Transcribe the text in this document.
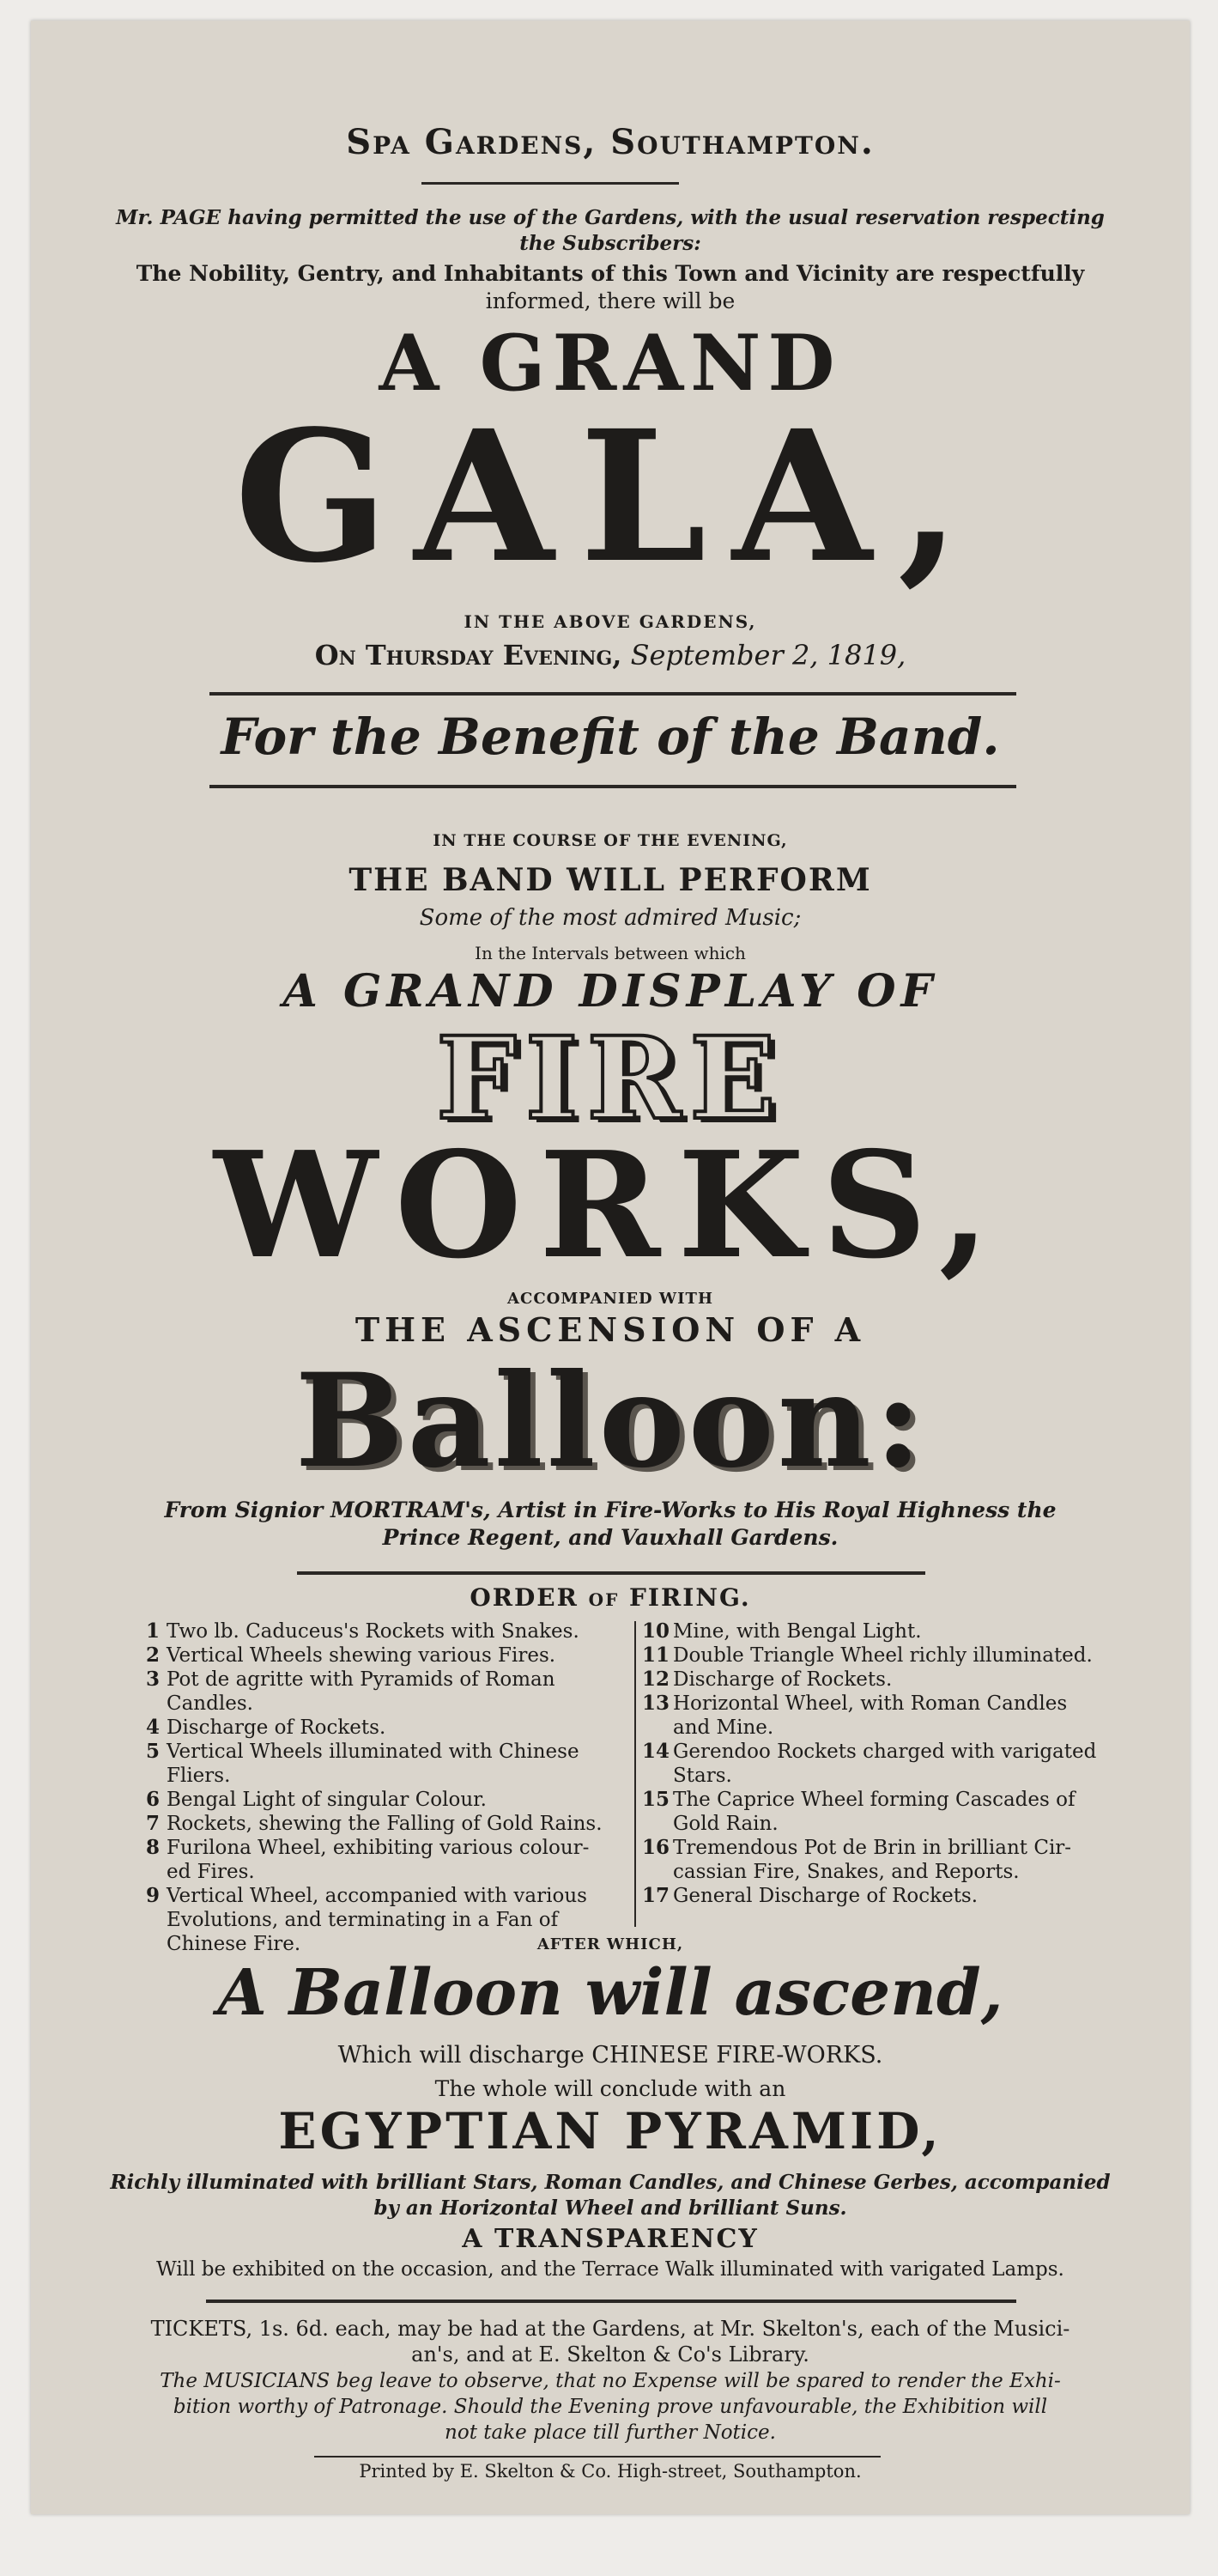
Spa Gardens, Southampton.
Mr. PAGE having permitted the use of the Gardens, with the usual reservation respecting
the Subscribers:
The Nobility, Gentry, and Inhabitants of this Town and Vicinity are respectfully
informed, there will be
A GRAND
GALA,
IN THE ABOVE GARDENS,
On Thursday Evening, September 2, 1819,
For the Benefit of the Band.
IN THE COURSE OF THE EVENING,
THE BAND WILL PERFORM
Some of the most admired Music;
In the Intervals between which
A GRAND DISPLAY OF
FIRE
WORKS,
ACCOMPANIED WITH
THE ASCENSION OF A
Balloon:
From Signior MORTRAM's, Artist in Fire-Works to His Royal Highness the
Prince Regent, and Vauxhall Gardens.
ORDER of FIRING.
1 Two lb. Caduceus's Rockets with Snakes.
2 Vertical Wheels shewing various Fires.
3 Pot de agritte with Pyramids of Roman
Candles.
4 Discharge of Rockets.
5 Vertical Wheels illuminated with Chinese
Fliers.
6 Bengal Light of singular Colour.
7 Rockets, shewing the Falling of Gold Rains.
8 Furilona Wheel, exhibiting various colour-
ed Fires.
9 Vertical Wheel, accompanied with various
Evolutions, and terminating in a Fan of
Chinese Fire.
10 Mine, with Bengal Light.
11 Double Triangle Wheel richly illuminated.
12 Discharge of Rockets.
13 Horizontal Wheel, with Roman Candles
and Mine.
14 Gerendoo Rockets charged with varigated
Stars.
15 The Caprice Wheel forming Cascades of
Gold Rain.
16 Tremendous Pot de Brin in brilliant Cir-
cassian Fire, Snakes, and Reports.
17 General Discharge of Rockets.
AFTER WHICH,
A Balloon will ascend,
Which will discharge CHINESE FIRE-WORKS.
The whole will conclude with an
EGYPTIAN PYRAMID,
Richly illuminated with brilliant Stars, Roman Candles, and Chinese Gerbes, accompanied
by an Horizontal Wheel and brilliant Suns.
A TRANSPARENCY
Will be exhibited on the occasion, and the Terrace Walk illuminated with varigated Lamps.
TICKETS, 1s. 6d. each, may be had at the Gardens, at Mr. Skelton's, each of the Musici-
an's, and at E. Skelton & Co's Library.
The MUSICIANS beg leave to observe, that no Expense will be spared to render the Exhi-
bition worthy of Patronage. Should the Evening prove unfavourable, the Exhibition will
not take place till further Notice.
Printed by E. Skelton & Co. High-street, Southampton.
